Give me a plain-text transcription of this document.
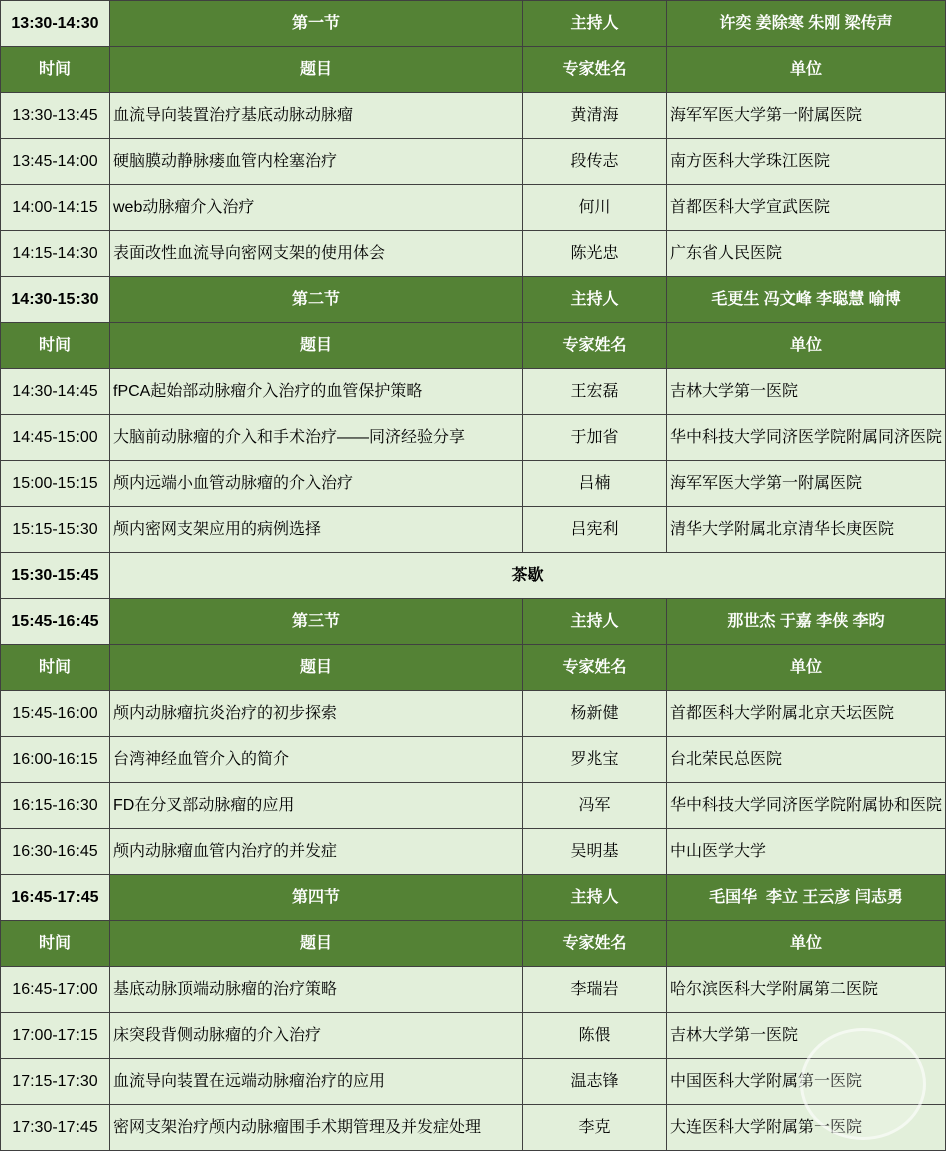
13:30-14:30	第一节	主持人	许奕 姜除寒 朱刚 梁传声
时间	题目	专家姓名	单位
13:30-13:45 血流导向装置治疗基底动脉动脉瘤	黄清海	海军军医大学第一附属医院
13:45-14:00 硬脑膜动静脉瘘血管内栓塞治疗	段传志	南方医科大学珠江医院
14:00-14:15 web动脉瘤介入治疗	何川	首都医科大学宣武医院
14:15-14:30 表面改性血流导向密网支架的使用体会	陈光忠	广东省人民医院
14:30-15:30	第二节	主持人	毛更生 冯文峰 李聪慧 喻博
时间	题目	专家姓名	单位
14:30-14:45 fPCA起始部动脉瘤介入治疗的血管保护策略	王宏磊	吉林大学第一医院
14:45-15:00 大脑前动脉瘤的介入和手术治疗——同济经验分享	于加省	华中科技大学同济医学院附属同济医院
15:00-15:15 颅内远端小血管动脉瘤的介入治疗	吕楠	海军军医大学第一附属医院
15:15-15:30 颅内密网支架应用的病例选择	吕宪利	清华大学附属北京清华长庚医院
15:30-15:45	茶歇
15:45-16:45	第三节	主持人	那世杰 于嘉 李侠 李昀
时间	题目	专家姓名	单位
15:45-16:00 颅内动脉瘤抗炎治疗的初步探索	杨新健	首都医科大学附属北京天坛医院
16:00-16:15 台湾神经血管介入的简介	罗兆宝	台北荣民总医院
16:15-16:30 FD在分叉部动脉瘤的应用	冯军	华中科技大学同济医学院附属协和医院
16:30-16:45 颅内动脉瘤血管内治疗的并发症	吴明基	中山医学大学
16:45-17:45	第四节	主持人	毛国华  李立 王云彦 闫志勇
时间	题目	专家姓名	单位
16:45-17:00 基底动脉顶端动脉瘤的治疗策略	李瑞岩	哈尔滨医科大学附属第二医院
17:00-17:15 床突段背侧动脉瘤的介入治疗	陈偎	吉林大学第一医院
17:15-17:30 血流导向装置在远端动脉瘤治疗的应用	温志锋	中国医科大学附属第一医院
17:30-17:45 密网支架治疗颅内动脉瘤围手术期管理及并发症处理	李克	大连医科大学附属第一医院
